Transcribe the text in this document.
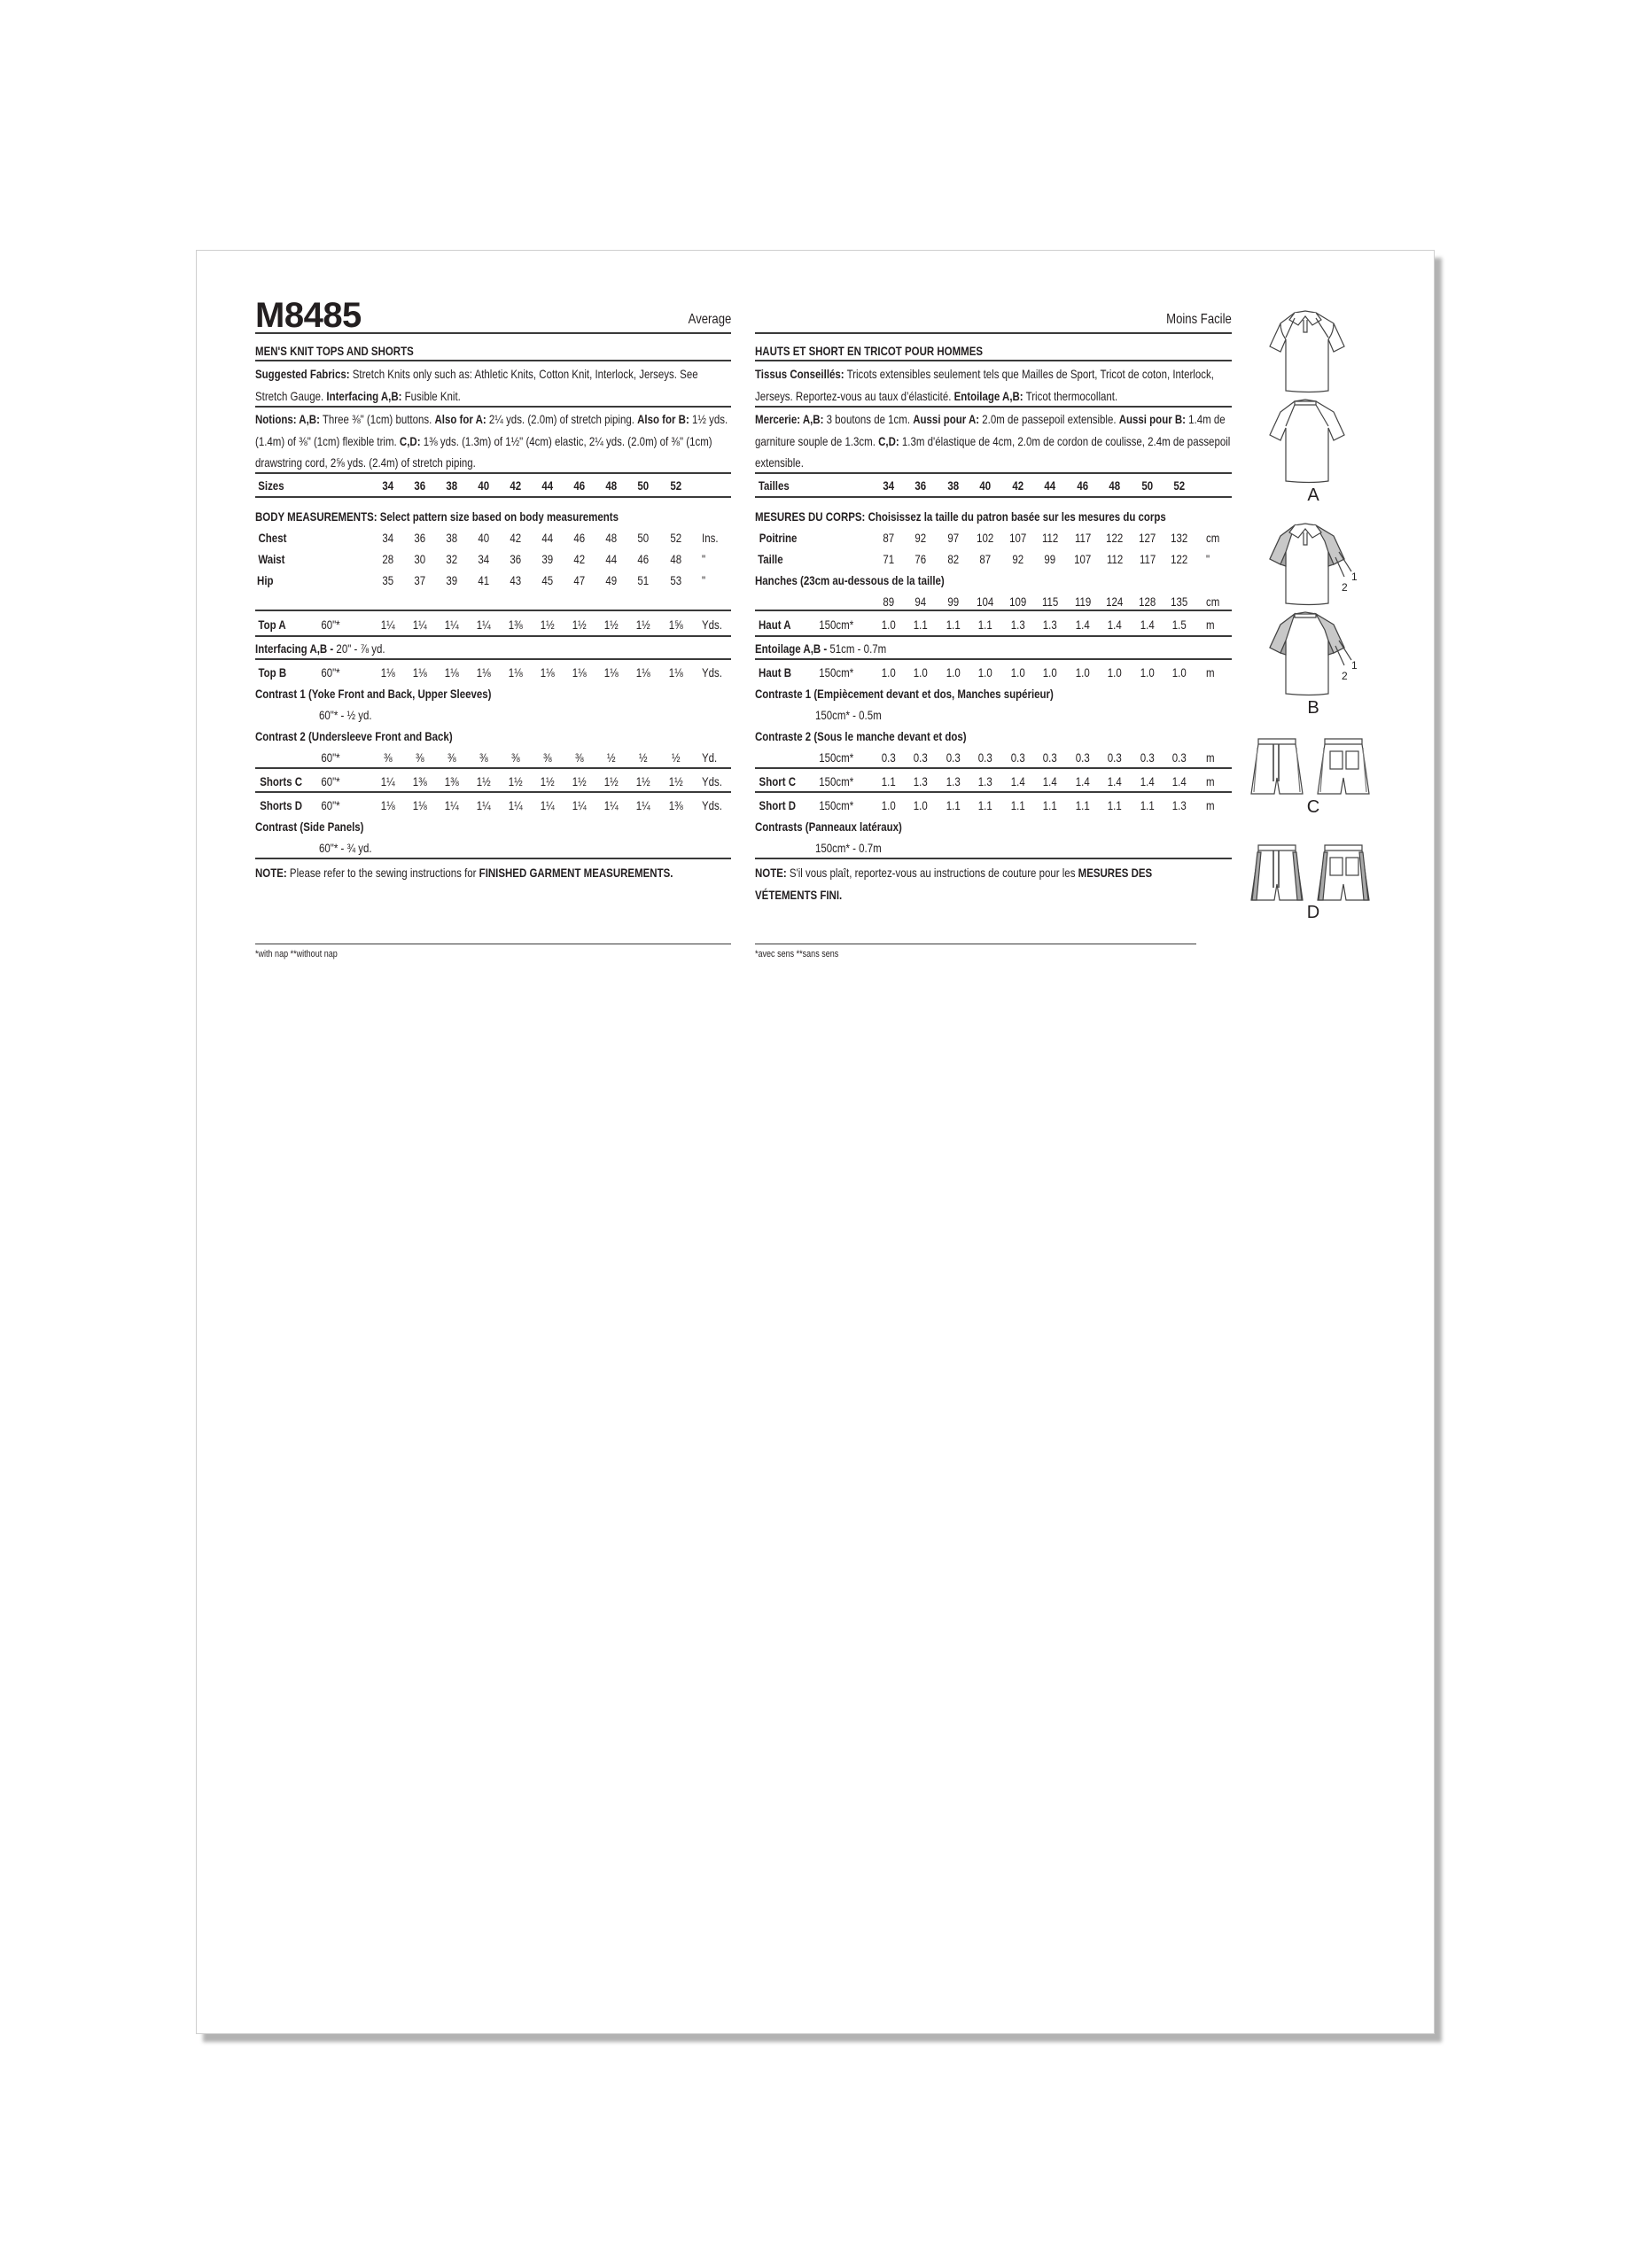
M8485	Average	Moins Facile
MEN'S KNIT TOPS AND SHORTS
Suggested Fabrics: Stretch Knits only such as: Athletic Knits, Cotton Knit, Interlock, Jerseys. See Stretch Gauge. Interfacing A,B: Fusible Knit.
Notions: A,B: Three ⅜" (1cm) buttons. Also for A: 2¼ yds. (2.0m) of stretch piping. Also for B: 1½ yds. (1.4m) of ⅜" (1cm) flexible trim. C,D: 1⅜ yds. (1.3m) of 1½" (4cm) elastic, 2¼ yds. (2.0m) of ⅜" (1cm) drawstring cord, 2⅝ yds. (2.4m) of stretch piping.
Sizes	34	36	38	40	42	44	46	48	50	52
BODY MEASUREMENTS: Select pattern size based on body measurements
Chest	34	36	38	40	42	44	46	48	50	52	Ins.
Waist	28	30	32	34	36	39	42	44	46	48	"
Hip	35	37	39	41	43	45	47	49	51	53	"
Top A	60"*	1¼	1¼	1¼	1¼	1⅜	1½	1½	1½	1½	1⅝	Yds.
Interfacing A,B - 20" - ⅞ yd.
Top B	60"*	1⅛	1⅛	1⅛	1⅛	1⅛	1⅛	1⅛	1⅛	1⅛	1⅛	Yds.
Contrast 1 (Yoke Front and Back, Upper Sleeves)
60"* - ½ yd.
Contrast 2 (Undersleeve Front and Back)
60"*	⅜	⅜	⅜	⅜	⅜	⅜	⅜	½	½	½	Yd.
Shorts C	60"*	1¼	1⅜	1⅜	1½	1½	1½	1½	1½	1½	1½	Yds.
Shorts D	60"*	1⅛	1⅛	1¼	1¼	1¼	1¼	1¼	1¼	1¼	1⅜	Yds.
Contrast (Side Panels)
60"* - ¾ yd.
NOTE: Please refer to the sewing instructions for FINISHED GARMENT MEASUREMENTS.
*with nap **without nap
HAUTS ET SHORT EN TRICOT POUR HOMMES
Tissus Conseillés: Tricots extensibles seulement tels que Mailles de Sport, Tricot de coton, Interlock, Jerseys. Reportez-vous au taux d’élasticité. Entoilage A,B: Tricot thermocollant.
Mercerie: A,B: 3 boutons de 1cm. Aussi pour A: 2.0m de passepoil extensible. Aussi pour B: 1.4m de garniture souple de 1.3cm. C,D: 1.3m d'élastique de 4cm, 2.0m de cordon de coulisse, 2.4m de passepoil extensible.
Tailles	34	36	38	40	42	44	46	48	50	52
MESURES DU CORPS: Choisissez la taille du patron basée sur les mesures du corps
Poitrine	87	92	97	102	107	112	117	122	127	132	cm
Taille	71	76	82	87	92	99	107	112	117	122	"
Hanches (23cm au-dessous de la taille)
89	94	99	104	109	115	119	124	128	135	cm
Haut A	150cm*	1.0	1.1	1.1	1.1	1.3	1.3	1.4	1.4	1.4	1.5	m
Entoilage A,B - 51cm - 0.7m
Haut B	150cm*	1.0	1.0	1.0	1.0	1.0	1.0	1.0	1.0	1.0	1.0	m
Contraste 1 (Empiècement devant et dos, Manches supérieur)
150cm* - 0.5m
Contraste 2 (Sous le manche devant et dos)
150cm*	0.3	0.3	0.3	0.3	0.3	0.3	0.3	0.3	0.3	0.3	m
Short C	150cm*	1.1	1.3	1.3	1.3	1.4	1.4	1.4	1.4	1.4	1.4	m
Short D	150cm*	1.0	1.0	1.1	1.1	1.1	1.1	1.1	1.1	1.1	1.3	m
Contrasts (Panneaux latéraux)
150cm* - 0.7m
NOTE: S'il vous plaît, reportez-vous au instructions de couture pour les MESURES DES VÉTEMENTS FINI.
*avec sens **sans sens
A
1
2
1
2
B
C
D
